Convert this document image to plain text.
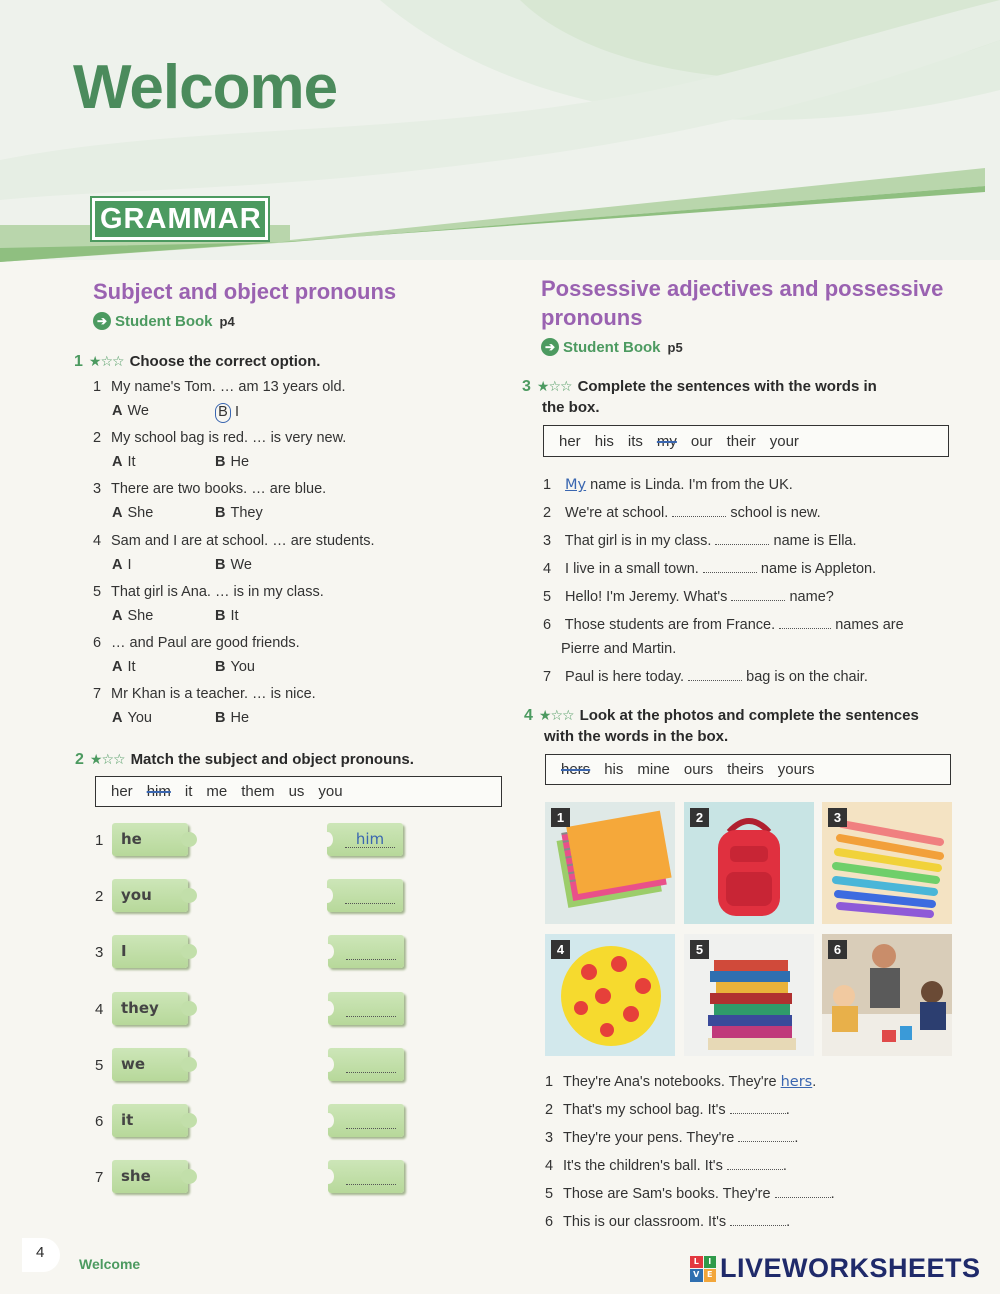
Welcome
GRAMMAR
Subject and object pronouns
➔ Student Book p4
1 ★☆☆ Choose the correct option.
1 My name's Tom. … am 13 years old.
A We	B I
2 My school bag is red. … is very new.
A It	B He
3 There are two books. … are blue.
A She	B They
4 Sam and I are at school. … are students.
A I	B We
5 That girl is Ana. … is in my class.
A She	B It
6 … and Paul are good friends.
A It	B You
7 Mr Khan is a teacher. … is nice.
A You	B He
2 ★☆☆ Match the subject and object pronouns.
her him it me them us you
1	he	him
2	you
3	I
4	they
5	we
6	it
7	she
Possessive adjectives and possessive
pronouns
➔ Student Book p5
3 ★☆☆ Complete the sentences with the words in
the box.
her his its my our their your
1 My name is Linda. I'm from the UK.
2 We're at school.	school is new.
3 That girl is in my class.	name is Ella.
4 I live in a small town.	name is Appleton.
5 Hello! I'm Jeremy. What's	name?
6 Those students are from France.	names are
Pierre and Martin.
7 Paul is here today.	bag is on the chair.
4 ★☆☆ Look at the photos and complete the sentences
with the words in the box.
hers his mine ours theirs yours
1	2	3
4	5	6
1 They're Ana's notebooks. They're hers.
2 That's my school bag. It's	.
3 They're your pens. They're	.
4 It's the children's ball. It's	.
5 Those are Sam's books. They're	.
6 This is our classroom. It's	.
4
Welcome	L	I
V E LIVEWORKSHEETS
